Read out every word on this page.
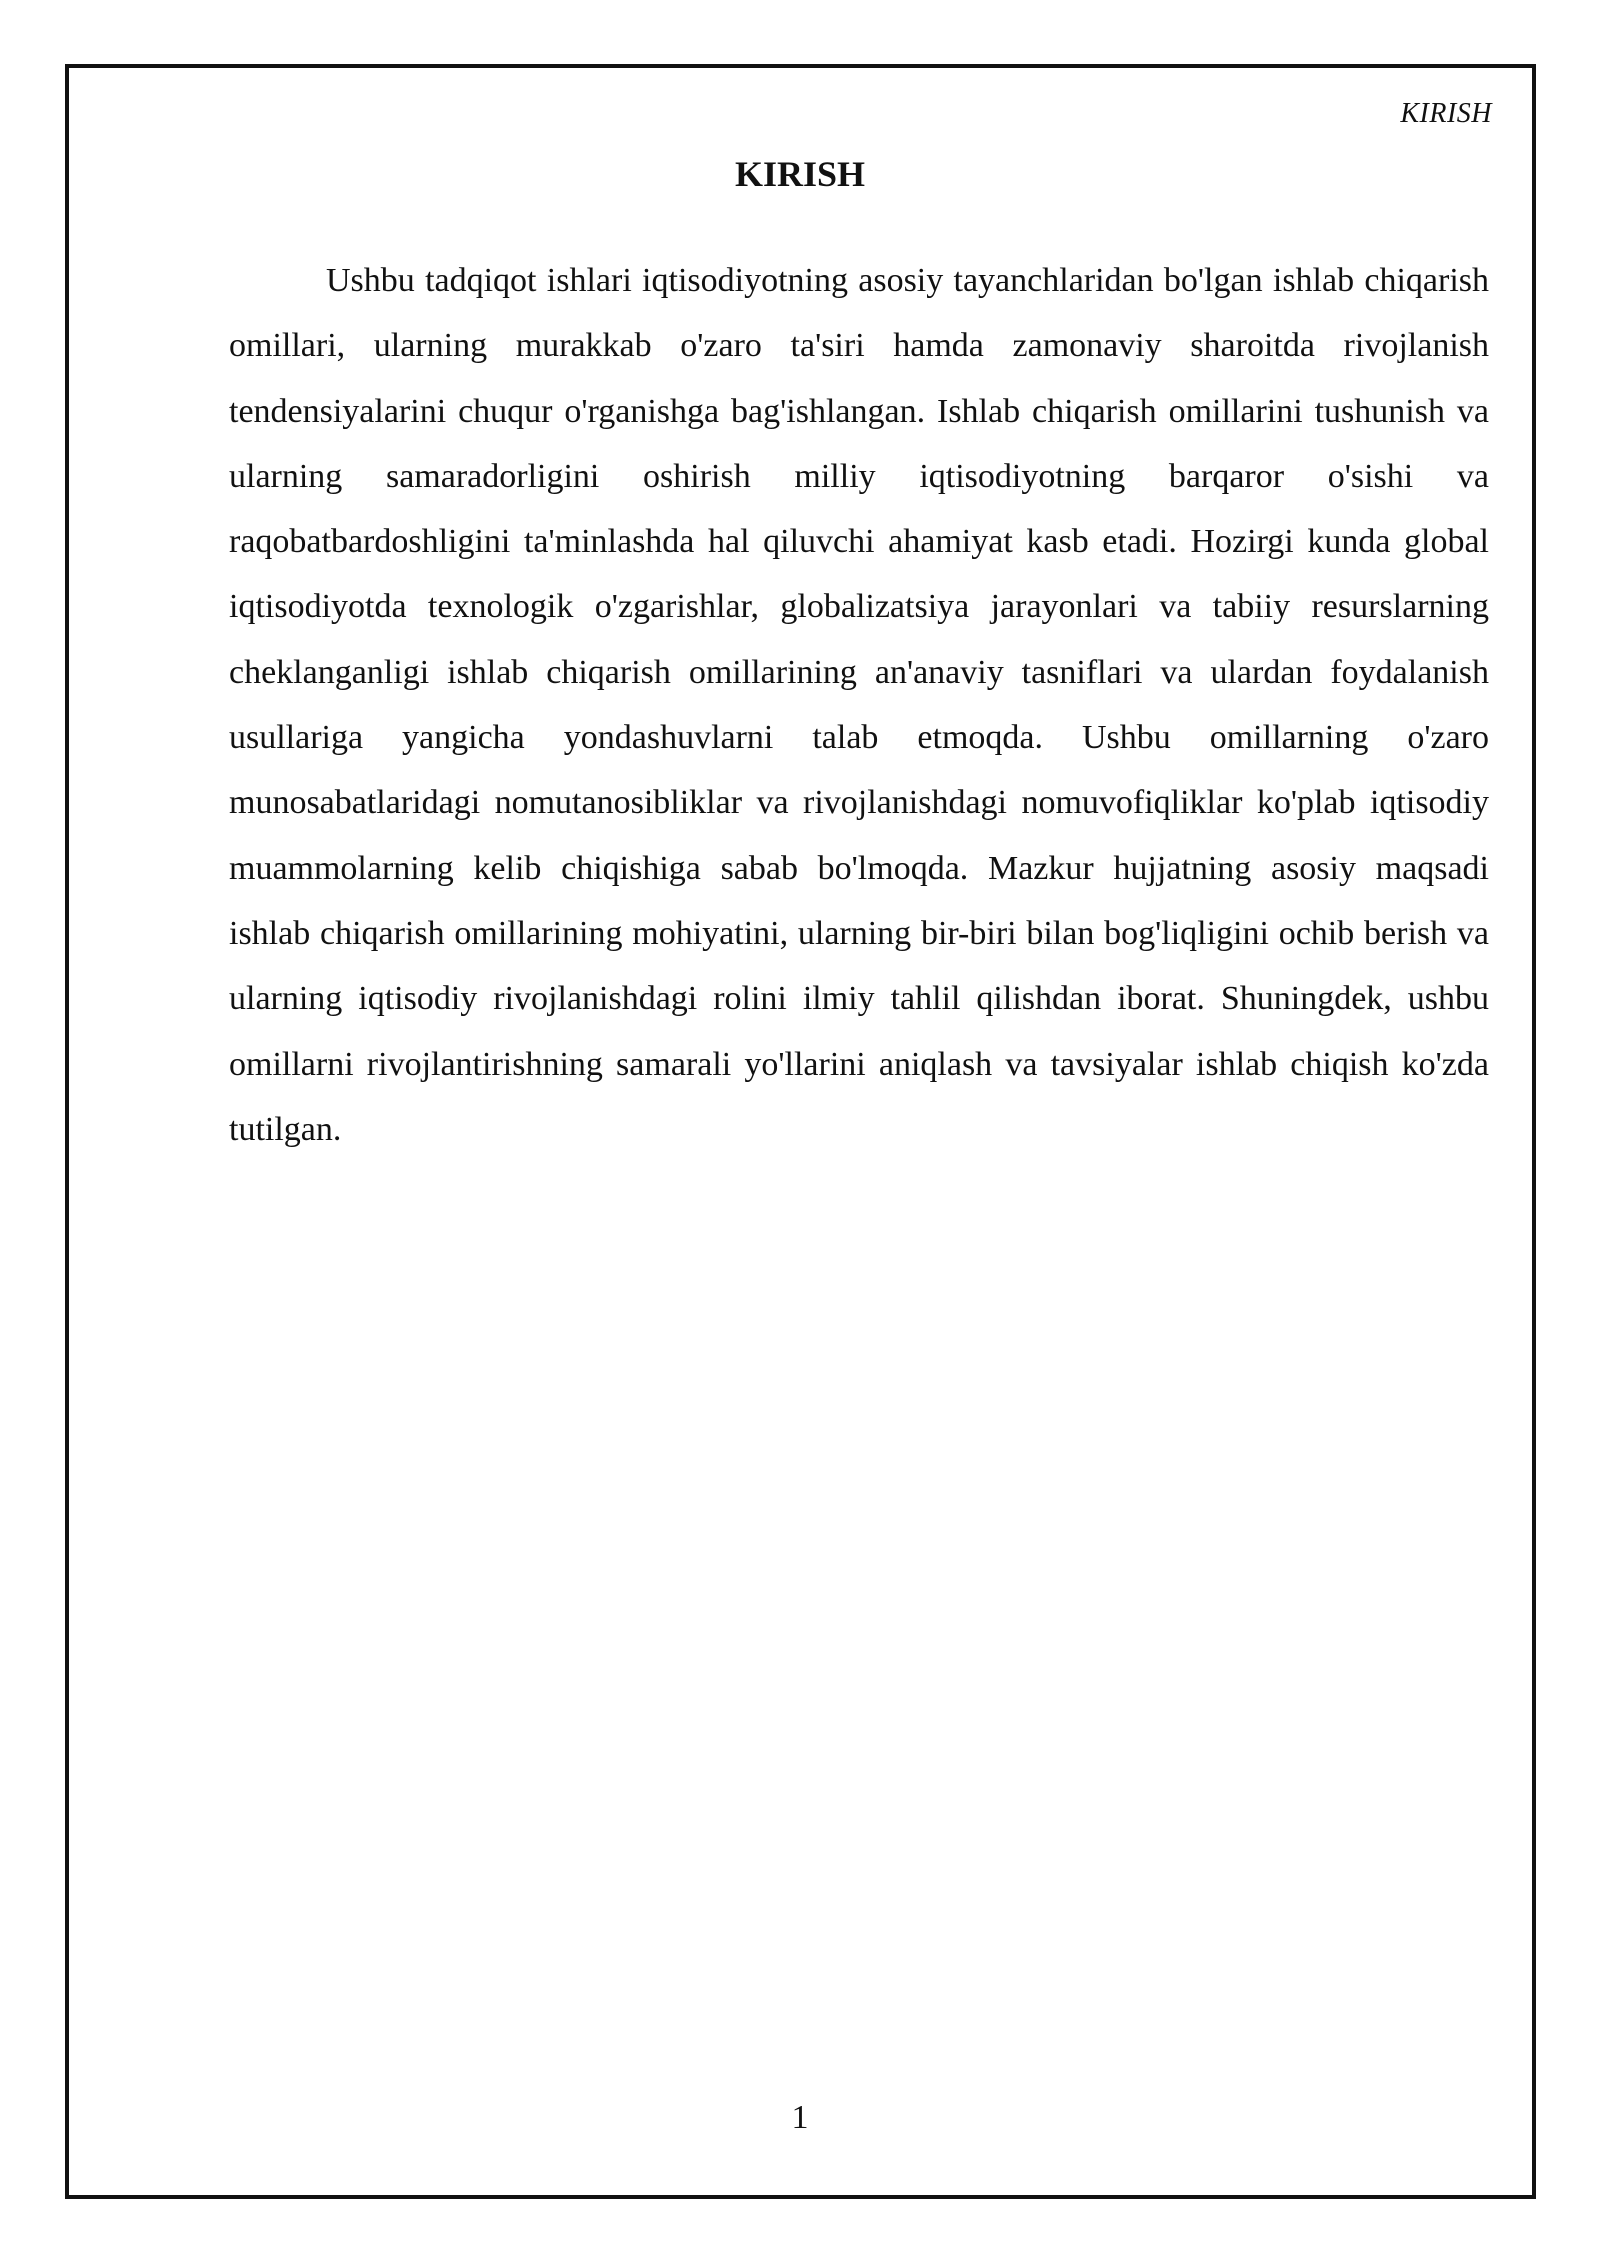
KIRISH
KIRISH

Ushbu tadqiqot ishlari iqtisodiyotning asosiy tayanchlaridan bo'lgan ishlab chiqarish omillari, ularning murakkab o'zaro ta'siri hamda zamonaviy sharoitda rivojlanish tendensiyalarini chuqur o'rganishga bag'ishlangan. Ishlab chiqarish omillarini tushunish va ularning samaradorligini oshirish milliy iqtisodiyotning barqaror o'sishi va raqobatbardoshligini ta'minlashda hal qiluvchi ahamiyat kasb etadi. Hozirgi kunda global iqtisodiyotda texnologik o'zgarishlar, globalizatsiya jarayonlari va tabiiy resurslarning cheklanganligi ishlab chiqarish omillarining an'anaviy tasniflari va ulardan foydalanish usullariga yangicha yondashuvlarni talab etmoqda. Ushbu omillarning o'zaro munosabatlaridagi nomutanosibliklar va rivojlanishdagi nomuvofiqliklar ko'plab iqtisodiy muammolarning kelib chiqishiga sabab bo'lmoqda. Mazkur hujjatning asosiy maqsadi ishlab chiqarish omillarining mohiyatini, ularning bir-biri bilan bog'liqligini ochib berish va ularning iqtisodiy rivojlanishdagi rolini ilmiy tahlil qilishdan iborat. Shuningdek, ushbu omillarni rivojlantirishning samarali yo'llarini aniqlash va tavsiyalar ishlab chiqish ko'zda tutilgan.

1
